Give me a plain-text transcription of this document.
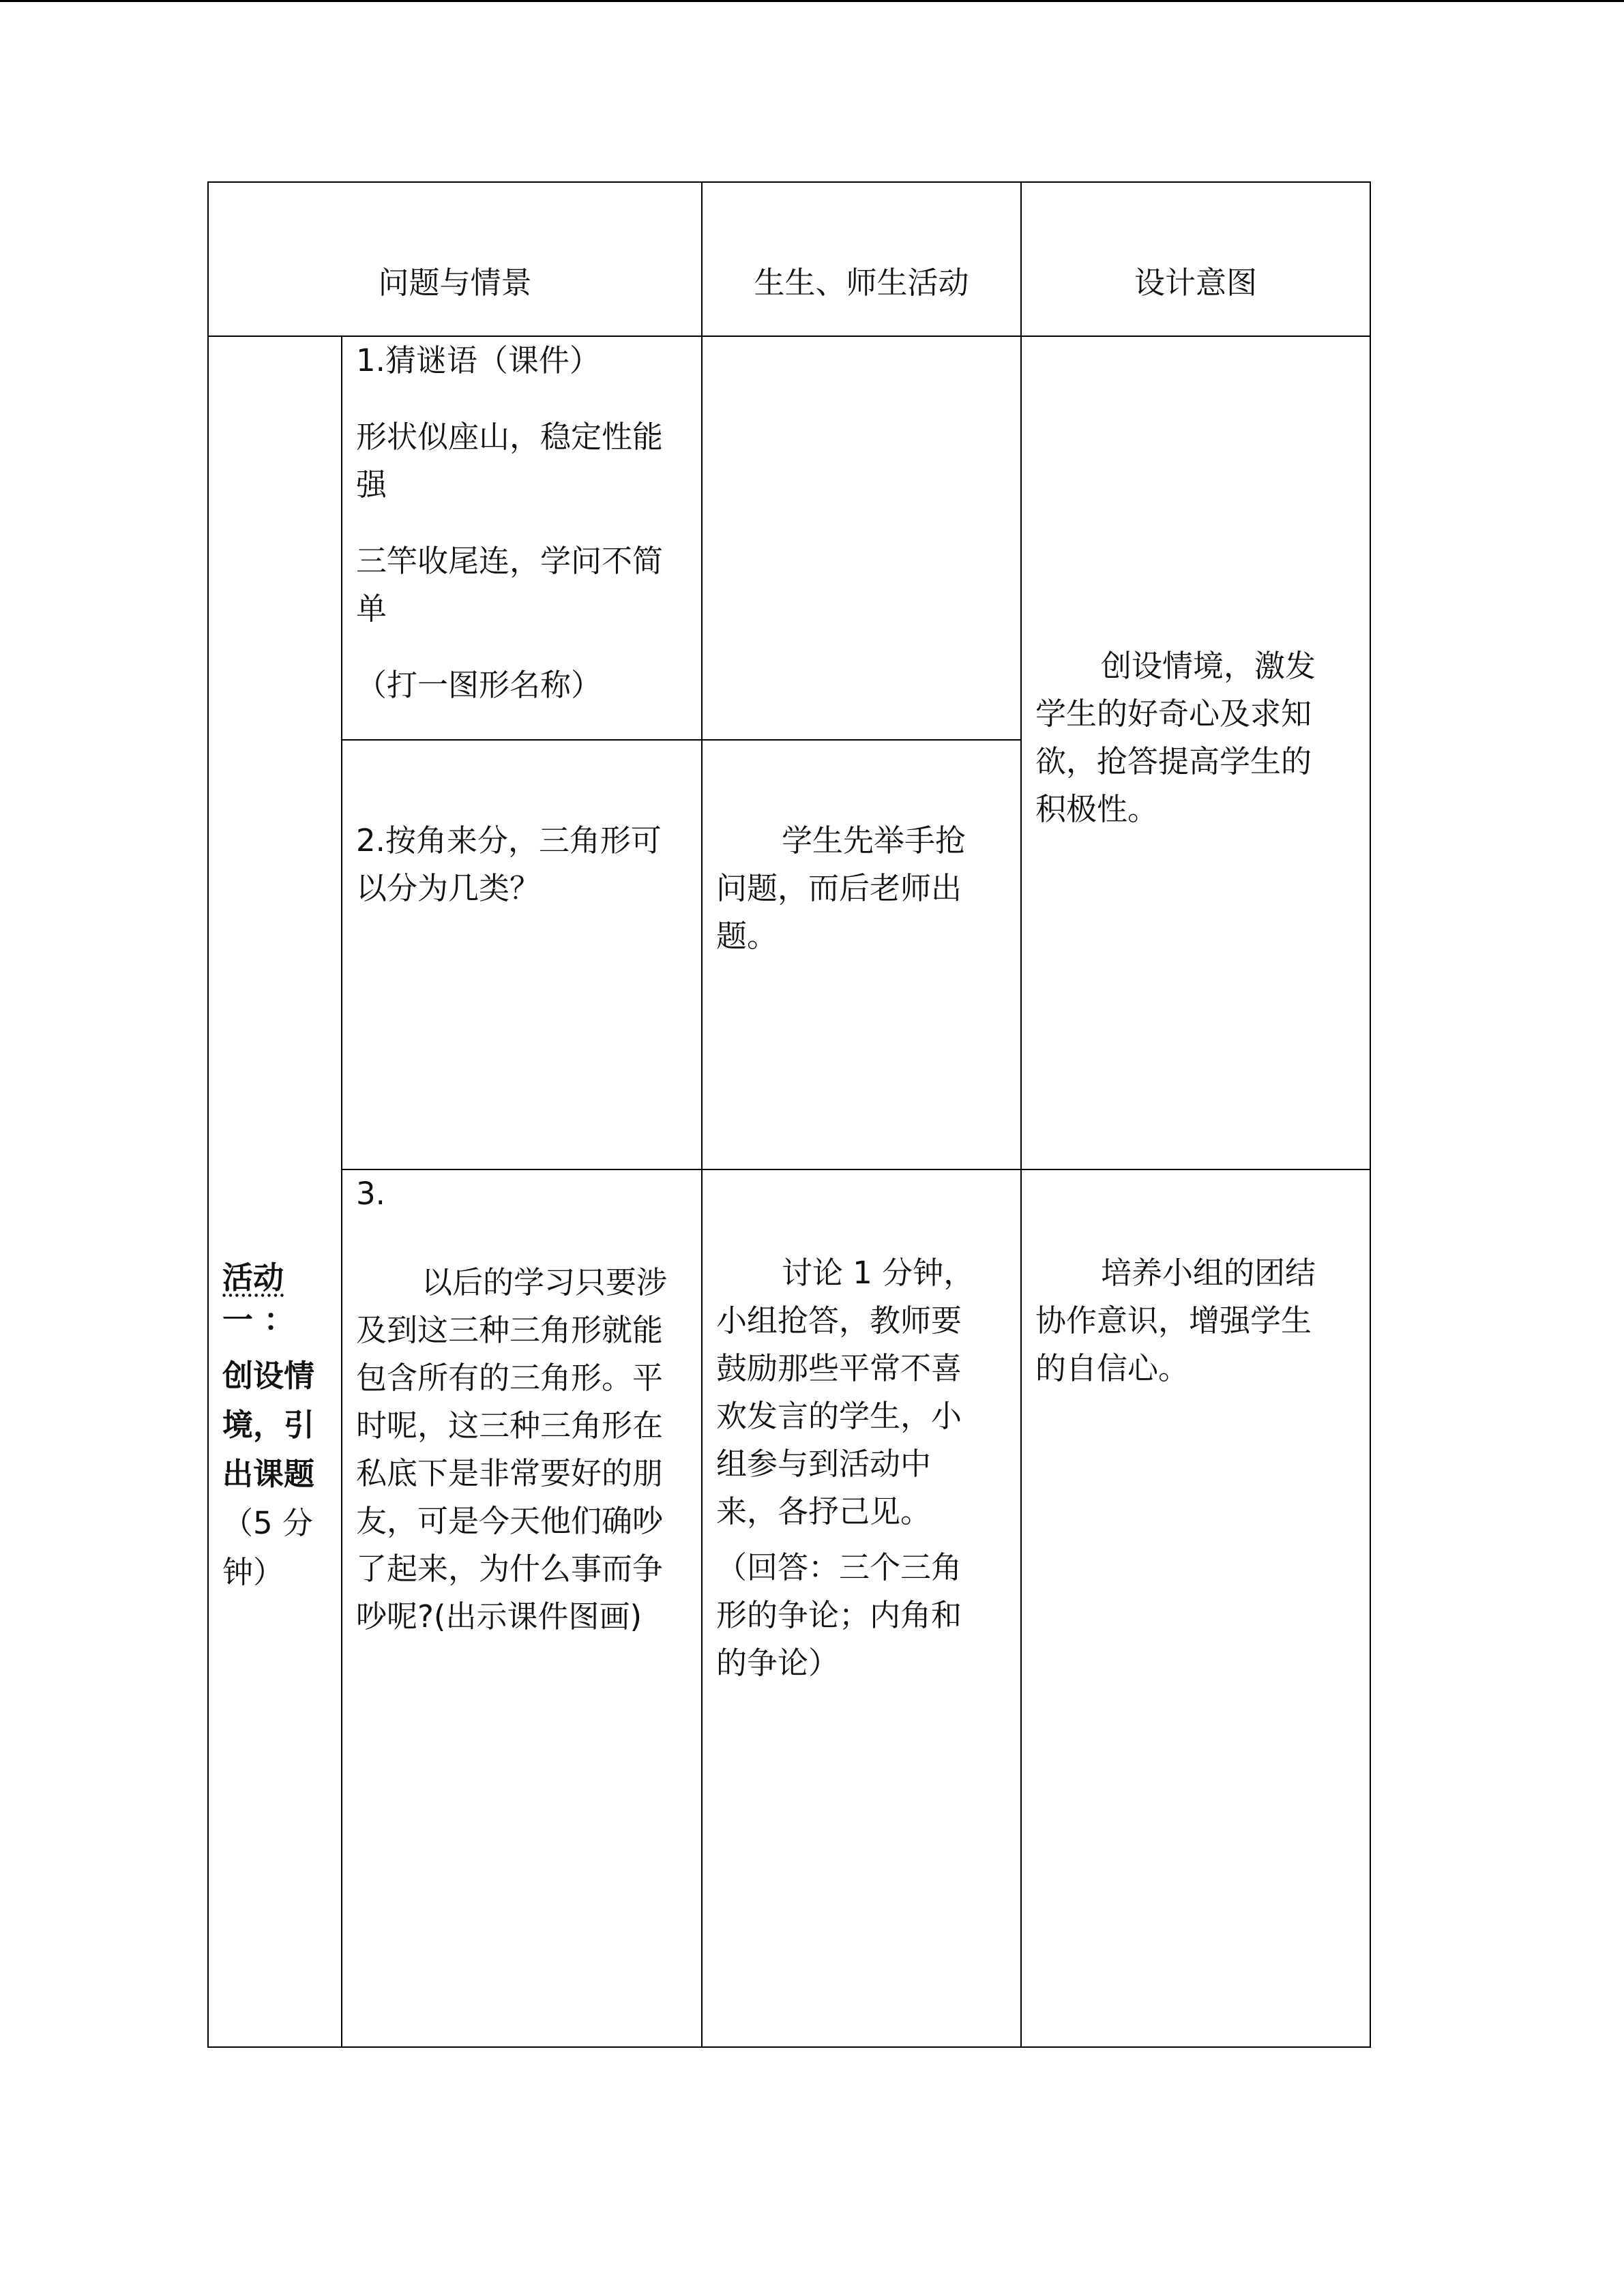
问题与情景	生生、师生活动	设计意图
活动
一 ：
创设情
境，引
出课题
（5 分
钟）

1.猜谜语（课件）

形状似座山，稳定性能

强

三竿收尾连，学问不简

单

（打一图形名称）

2.按角来分，三角形可

以分为几类？

学生先举手抢

问题，而后老师出

题。

创设情境，激发

学生的好奇心及求知

欲，抢答提高学生的

积极性。

3.

以后的学习只要涉

及到这三种三角形就能

包含所有的三角形。平

时呢，这三种三角形在

私底下是非常要好的朋

友，可是今天他们确吵

了起来，为什么事而争

吵呢?(出示课件图画)

讨论 1 分钟，

小组抢答，教师要

鼓励那些平常不喜

欢发言的学生，小

组参与到活动中

来，各抒己见。

（回答：三个三角

形的争论；内角和

的争论）

培养小组的团结

协作意识，增强学生

的自信心。
